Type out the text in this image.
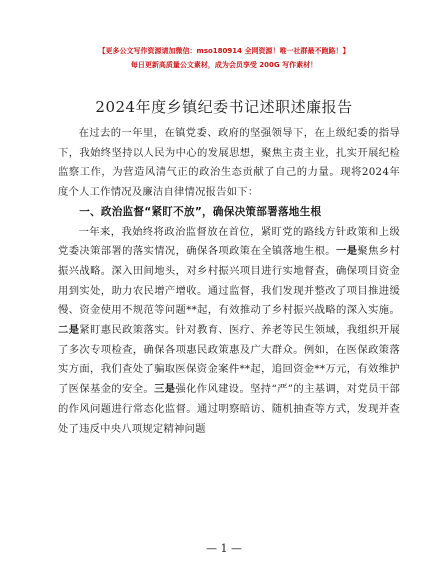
【更多公文写作资源请加微信：mso180914 全网资源！唯一社群最不跑路！】
每日更新高质量公文素材，成为会员享受 200G 写作素材！
2024年度乡镇纪委书记述职述廉报告

在过去的一年里，在镇党委、政府的坚强领导下，在上级纪委的指导下，我始终坚持以人民为中心的发展思想，聚焦主责主业，扎实开展纪检监察工作，为营造风清气正的政治生态贡献了自己的力量。现将2024年度个人工作情况及廉洁自律情况报告如下：

一、政治监督“紧盯不放”，确保决策部署落地生根

一年来，我始终将政治监督放在首位，紧盯党的路线方针政策和上级党委决策部署的落实情况，确保各项政策在全镇落地生根。一是聚焦乡村振兴战略。深入田间地头，对乡村振兴项目进行实地督查，确保项目资金用到实处，助力农民增产增收。通过监督，我们发现并整改了项目推进缓慢、资金使用不规范等问题**起，有效推动了乡村振兴战略的深入实施。二是紧盯惠民政策落实。针对教育、医疗、养老等民生领域，我组织开展了多次专项检查，确保各项惠民政策惠及广大群众。例如，在医保政策落实方面，我们查处了骗取医保资金案件**起，追回资金**万元，有效维护了医保基金的安全。三是强化作风建设。坚持“严”的主基调，对党员干部的作风问题进行常态化监督。通过明察暗访、随机抽查等方式，发现并查处了违反中央八项规定精神问题

— 1 —
